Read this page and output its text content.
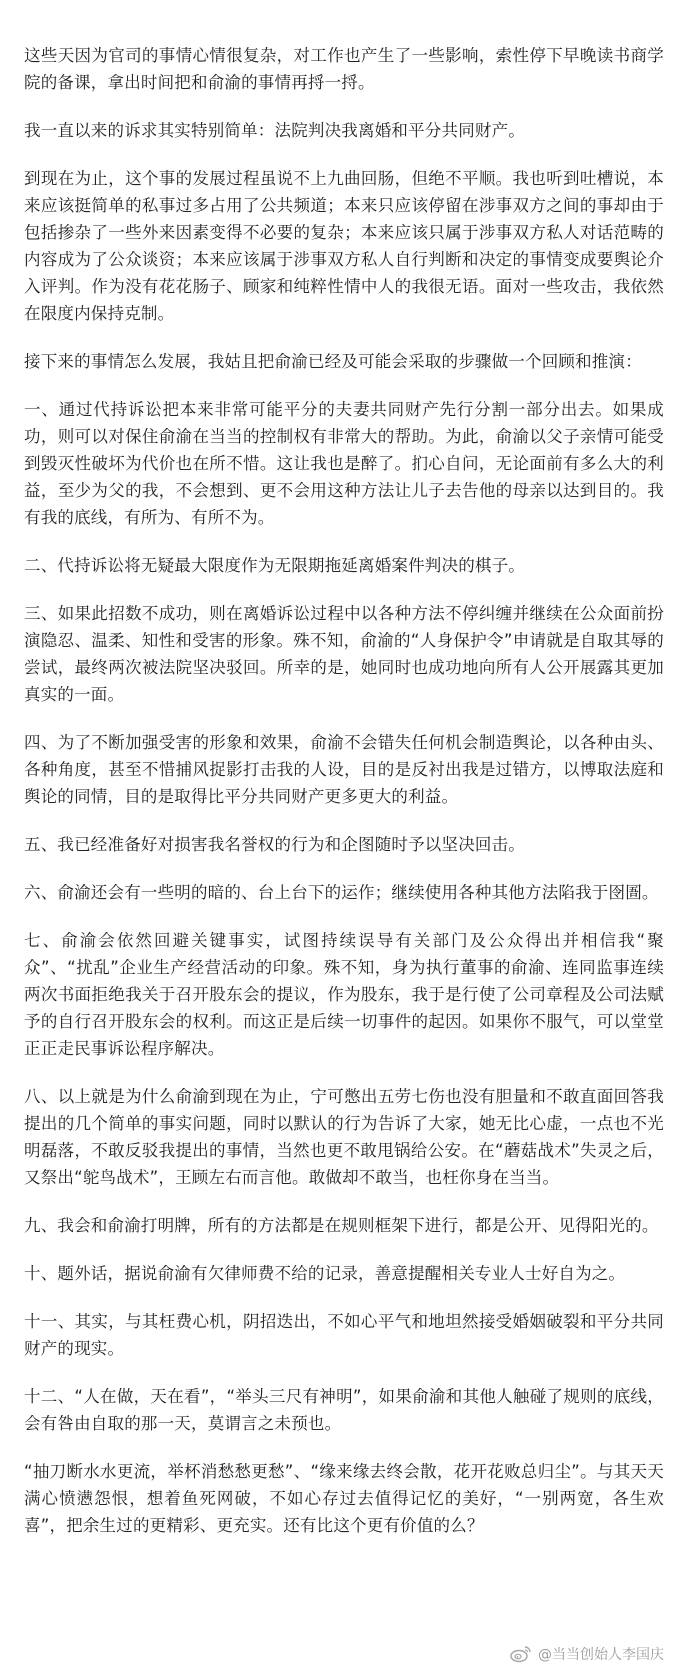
这些天因为官司的事情心情很复杂，对工作也产生了一些影响，索性停下早晚读书商学院的备课，拿出时间把和俞渝的事情再捋一捋。

我一直以来的诉求其实特别简单：法院判决我离婚和平分共同财产。

到现在为止，这个事的发展过程虽说不上九曲回肠，但绝不平顺。我也听到吐槽说，本来应该挺简单的私事过多占用了公共频道；本来只应该停留在涉事双方之间的事却由于包括掺杂了一些外来因素变得不必要的复杂；本来应该只属于涉事双方私人对话范畴的内容成为了公众谈资；本来应该属于涉事双方私人自行判断和决定的事情变成要舆论介入评判。作为没有花花肠子、顾家和纯粹性情中人的我很无语。面对一些攻击，我依然在限度内保持克制。

接下来的事情怎么发展，我姑且把俞渝已经及可能会采取的步骤做一个回顾和推演：

一、通过代持诉讼把本来非常可能平分的夫妻共同财产先行分割一部分出去。如果成功，则可以对保住俞渝在当当的控制权有非常大的帮助。为此，俞渝以父子亲情可能受到毁灭性破坏为代价也在所不惜。这让我也是醉了。扪心自问，无论面前有多么大的利益，至少为父的我，不会想到、更不会用这种方法让儿子去告他的母亲以达到目的。我有我的底线，有所为、有所不为。

二、代持诉讼将无疑最大限度作为无限期拖延离婚案件判决的棋子。

三、如果此招数不成功，则在离婚诉讼过程中以各种方法不停纠缠并继续在公众面前扮演隐忍、温柔、知性和受害的形象。殊不知，俞渝的“人身保护令”申请就是自取其辱的尝试，最终两次被法院坚决驳回。所幸的是，她同时也成功地向所有人公开展露其更加真实的一面。

四、为了不断加强受害的形象和效果，俞渝不会错失任何机会制造舆论，以各种由头、各种角度，甚至不惜捕风捉影打击我的人设，目的是反衬出我是过错方，以博取法庭和舆论的同情，目的是取得比平分共同财产更多更大的利益。

五、我已经准备好对损害我名誉权的行为和企图随时予以坚决回击。

六、俞渝还会有一些明的暗的、台上台下的运作；继续使用各种其他方法陷我于囹圄。

七、俞渝会依然回避关键事实，试图持续误导有关部门及公众得出并相信我“聚众”、“扰乱”企业生产经营活动的印象。殊不知，身为执行董事的俞渝、连同监事连续两次书面拒绝我关于召开股东会的提议，作为股东，我于是行使了公司章程及公司法赋予的自行召开股东会的权利。而这正是后续一切事件的起因。如果你不服气，可以堂堂正正走民事诉讼程序解决。

八、以上就是为什么俞渝到现在为止，宁可憋出五劳七伤也没有胆量和不敢直面回答我提出的几个简单的事实问题，同时以默认的行为告诉了大家，她无比心虚，一点也不光明磊落，不敢反驳我提出的事情，当然也更不敢甩锅给公安。在“蘑菇战术”失灵之后，又祭出“鸵鸟战术”，王顾左右而言他。敢做却不敢当，也枉你身在当当。

九、我会和俞渝打明牌，所有的方法都是在规则框架下进行，都是公开、见得阳光的。

十、题外话，据说俞渝有欠律师费不给的记录，善意提醒相关专业人士好自为之。

十一、其实，与其枉费心机，阴招迭出，不如心平气和地坦然接受婚姻破裂和平分共同财产的现实。

十二、“人在做，天在看”，“举头三尺有神明”，如果俞渝和其他人触碰了规则的底线，会有咎由自取的那一天，莫谓言之未预也。

“抽刀断水水更流，举杯消愁愁更愁”、“缘来缘去终会散，花开花败总归尘”。与其天天满心愤懑怨恨，想着鱼死网破，不如心存过去值得记忆的美好，“一别两宽，各生欢喜”，把余生过的更精彩、更充实。还有比这个更有价值的么？

@当当创始人李国庆
